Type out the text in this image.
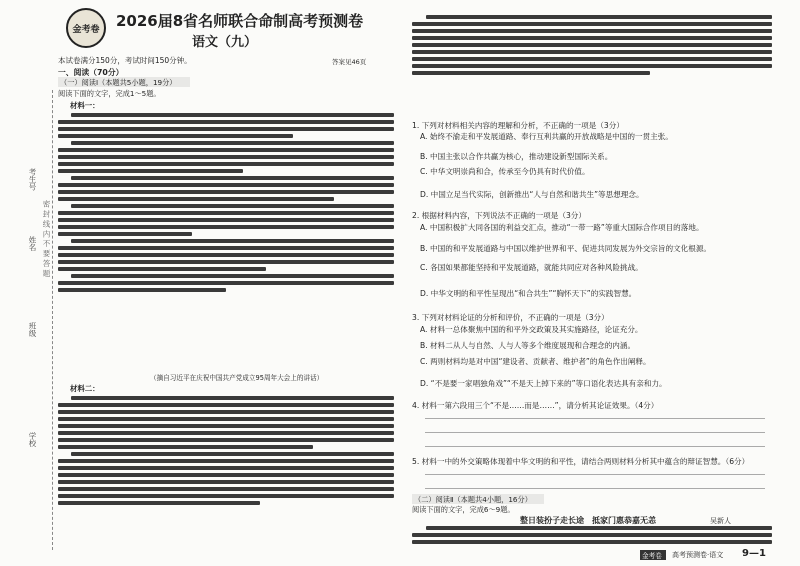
金考卷 2026届8省名师联合命制高考预测卷
语文（九）
本试卷满分150分，考试时间150分钟。	答案见46页
考生号
姓名
班级
学校
密 封 线 内 不 要 答 题
一、阅读（70分）
（一）阅读Ⅰ（本题共5小题，19分）
阅读下面的文字，完成1～5题。
材料一：
（摘自习近平在庆祝中国共产党成立95周年大会上的讲话）
材料二：
1. 下列对材料相关内容的理解和分析，不正确的一项是（3分）
A. 始终不渝走和平发展道路、奉行互利共赢的开放战略是中国的一贯主张。
B. 中国主张以合作共赢为核心，推动建设新型国际关系。
C. 中华文明崇尚和合，传承至今仍具有时代价值。
D. 中国立足当代实际，创新推出“人与自然和谐共生”等思想理念。
2. 根据材料内容，下列说法不正确的一项是（3分）
A. 中国积极扩大同各国的利益交汇点，推动“一带一路”等重大国际合作项目的落地。
B. 中国的和平发展道路与中国以维护世界和平、促进共同发展为外交宗旨的文化根源。
C. 各国如果都能坚持和平发展道路，就能共同应对各种风险挑战。
D. 中华文明的和平性呈现出“和合共生”“胸怀天下”的实践智慧。
3. 下列对材料论证的分析和评价，不正确的一项是（3分）
A. 材料一总体聚焦中国的和平外交政策及其实施路径，论证充分。
B. 材料二从人与自然、人与人等多个维度展现和合理念的内涵。
C. 两则材料均是对中国“建设者、贡献者、维护者”的角色作出阐释。
D. “不是要一家唱独角戏”“不是天上掉下来的”等口语化表达具有亲和力。
4. 材料一第六段用三个“不是……而是……”，请分析其论证效果。（4分）
5. 材料一中的外交策略体现着中华文明的和平性，请结合两则材料分析其中蕴含的辩证智慧。（6分）
（二）阅读Ⅱ（本题共4小题，16分）
阅读下面的文字，完成6～9题。
整日装扮子走长途　抵家门惠恭嘉无恙	吴新人
金考卷 高考预测卷·语文 9—1
